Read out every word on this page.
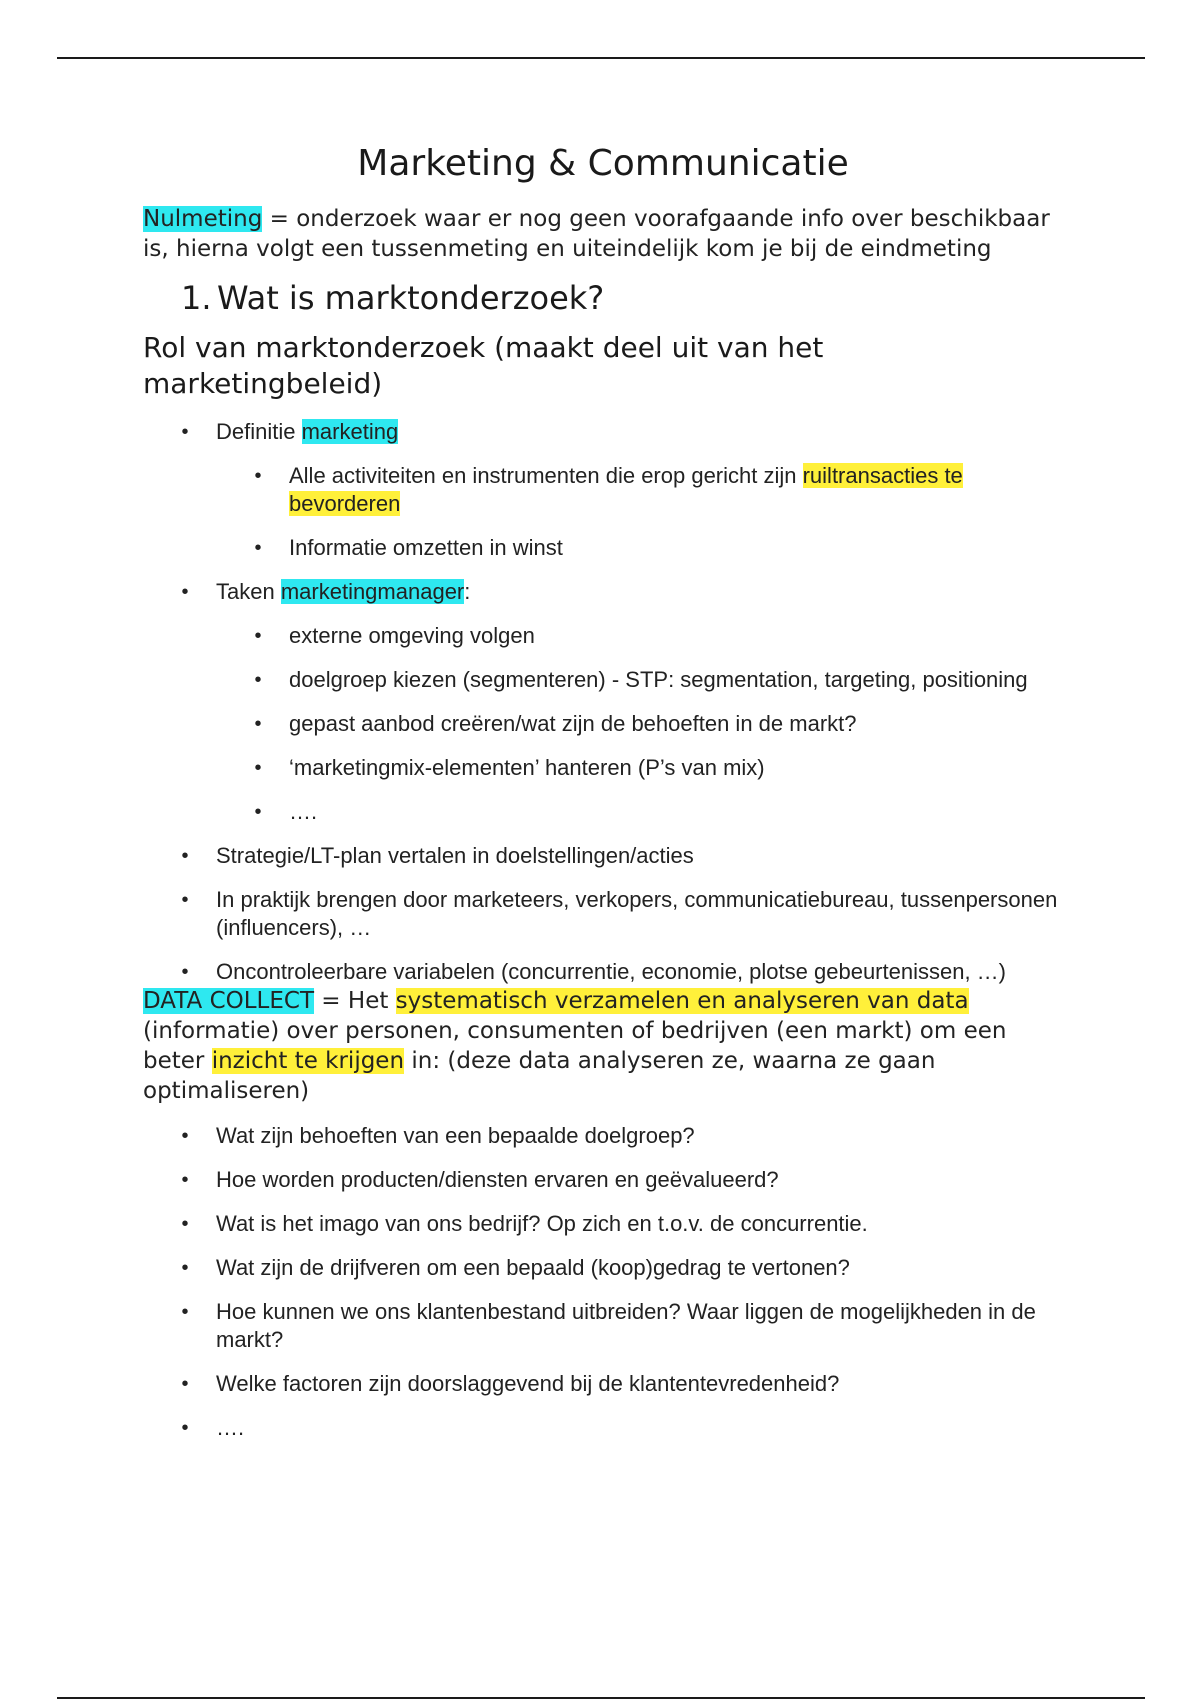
Marketing & Communicatie

Nulmeting = onderzoek waar er nog geen voorafgaande info over beschikbaar is, hierna volgt een tussenmeting en uiteindelijk kom je bij de eindmeting

1. Wat is marktonderzoek?
Rol van marktonderzoek (maakt deel uit van het marketingbeleid)
• Definitie marketing
• Alle activiteiten en instrumenten die erop gericht zijn ruiltransacties te bevorderen
• Informatie omzetten in winst
• Taken marketingmanager:
• externe omgeving volgen
• doelgroep kiezen (segmenteren) - STP: segmentation, targeting, positioning
• gepast aanbod creëren/wat zijn de behoeften in de markt?
• ‘marketingmix-elementen’ hanteren (P’s van mix)
• ….
• Strategie/LT-plan vertalen in doelstellingen/acties
• In praktijk brengen door marketeers, verkopers, communicatiebureau, tussenpersonen (influencers), …
• Oncontroleerbare variabelen (concurrentie, economie, plotse gebeurtenissen, …)

DATA COLLECT = Het systematisch verzamelen en analyseren van data (informatie) over personen, consumenten of bedrijven (een markt) om een beter inzicht te krijgen in: (deze data analyseren ze, waarna ze gaan optimaliseren)

• Wat zijn behoeften van een bepaalde doelgroep?
• Hoe worden producten/diensten ervaren en geëvalueerd?
• Wat is het imago van ons bedrijf? Op zich en t.o.v. de concurrentie.
• Wat zijn de drijfveren om een bepaald (koop)gedrag te vertonen?
• Hoe kunnen we ons klantenbestand uitbreiden? Waar liggen de mogelijkheden in de markt?
• Welke factoren zijn doorslaggevend bij de klantentevredenheid?
• ….
